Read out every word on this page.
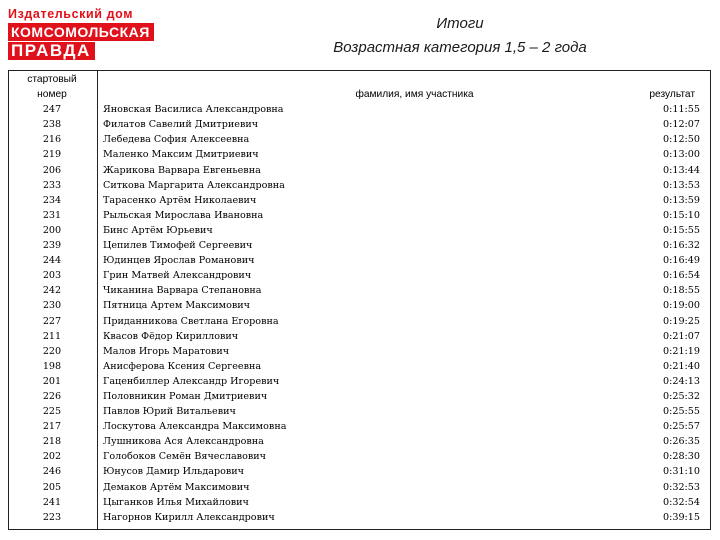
Издательский дом
КОМСОМОЛЬСКАЯ
ПРАВДА
Итоги
Возрастная категория 1,5 – 2 года
стартовый		
номер	фамилия, имя участника	результат
247	Яновская Василиса Александровна	0:11:55
238	Филатов Савелий Дмитриевич	0:12:07
216	Лебедева София Алексеевна	0:12:50
219	Маленко Максим Дмитриевич	0:13:00
206	Жарикова Варвара Евгеньевна	0:13:44
233	Ситкова Маргарита Александровна	0:13:53
234	Тарасенко Артём Николаевич	0:13:59
231	Рыльская Мирослава Ивановна	0:15:10
200	Бинс Артём Юрьевич	0:15:55
239	Цепилев Тимофей Сергеевич	0:16:32
244	Юдинцев Ярослав Романович	0:16:49
203	Грин Матвей Александрович	0:16:54
242	Чиканина Варвара Степановна	0:18:55
230	Пятница Артем Максимович	0:19:00
227	Приданникова Светлана Егоровна	0:19:25
211	Квасов Фёдор Кириллович	0:21:07
220	Малов Игорь Маратович	0:21:19
198	Анисферова Ксения Сергеевна	0:21:40
201	Гаценбиллер Александр Игоревич	0:24:13
226	Половникин Роман Дмитриевич	0:25:32
225	Павлов Юрий Витальевич	0:25:55
217	Лоскутова Александра Максимовна	0:25:57
218	Лушникова Ася Александровна	0:26:35
202	Голобоков Семён Вячеславович	0:28:30
246	Юнусов Дамир Ильдарович	0:31:10
205	Демаков Артём Максимович	0:32:53
241	Цыганков Илья Михайлович	0:32:54
223	Нагорнов Кирилл Александрович	0:39:15
